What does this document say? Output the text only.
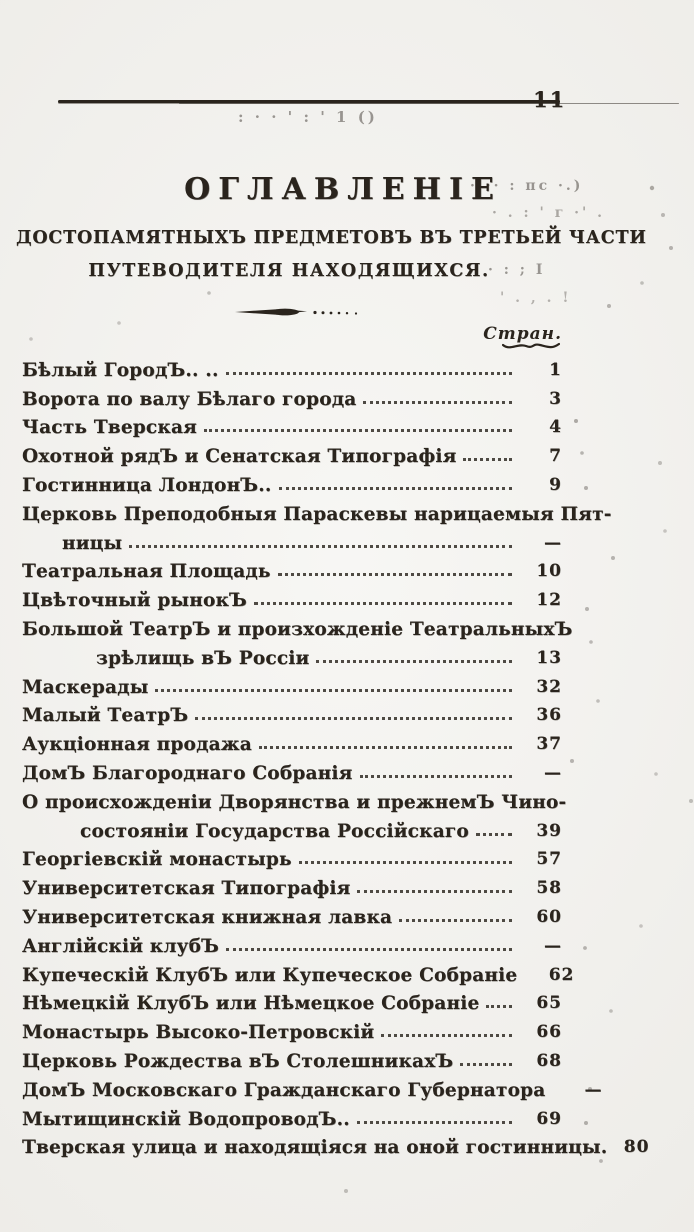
11
: · · ' : ' 1 ()
ОГЛАВЛЕНІЕ
· ·· : пс ·.)
· . : ' г ·' .
ДОСТОПАМЯТНЫХЪ ПРЕДМЕТОВЪ ВЪ ТРЕТЬЕЙ ЧАСТИ
ПУТЕВОДИТЕЛЯ НАХОДЯЩИХСЯ.
· : ; I
' . , . !
Стран.
Бѣлый ГородЪ.. ..	1
Ворота по валу Бѣлаго города	3
Часть Тверская	4
Охотной рядЪ и Сенатская Типографія	7
Гостинница ЛондонЪ..	9
Церковь Преподобныя Параскевы нарицаемыя Пят-
ницы	—
Театральная Площадь	10
Цвѣточный рынокЪ	12
Большой ТеатрЪ и произхожденіе ТеатральныхЪ
зрѣлищь вЪ Россіи	13
Маскерады	32
Малый ТеатрЪ	36
Аукціонная продажа	37
ДомЪ Благороднаго Собранія	—
О происхожденіи Дворянства и прежнемЪ Чино-
состояніи Государства Россійскаго	39
Георгіевскій монастырь	57
Университетская Типографія	58
Университетская книжная лавка	60
Англійскій клубЪ	—
Купеческій КлубЪ или Купеческое Собраніе	62
Нѣмецкій КлубЪ или Нѣмецкое Собраніе	65
Монастырь Высоко-Петровскій	66
Церковь Рождества вЪ СтолешникахЪ	68
ДомЪ Московскаго Гражданскаго Губернатора	—
Мытищинскій ВодопроводЪ..	69
Тверская улица и находящіяся на оной гостинницы. 80
